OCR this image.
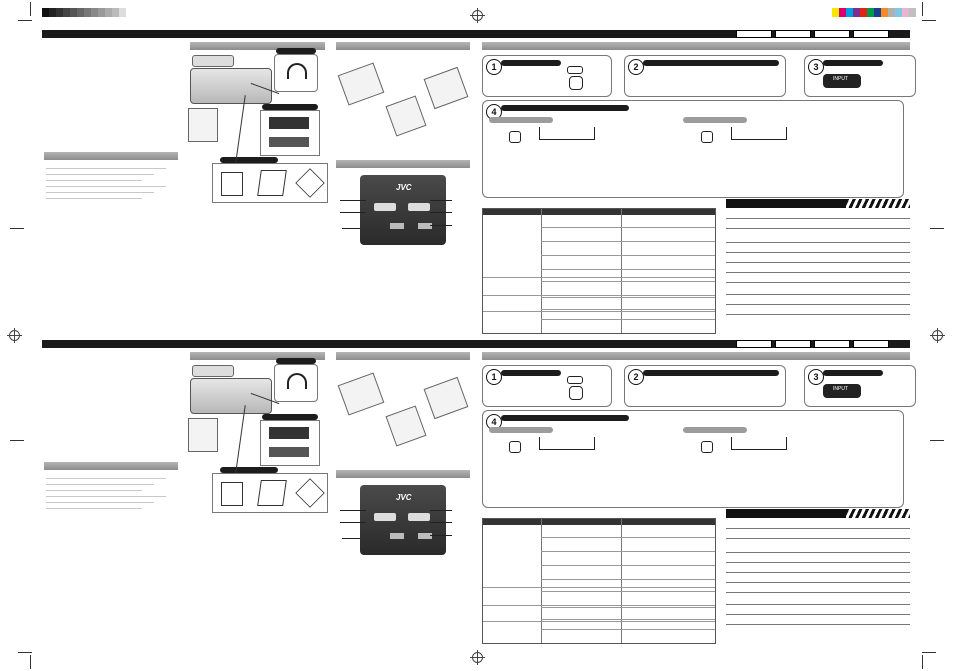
JVC
1	2	3
INPUT
4
JVC
1	2	3
INPUT
4
